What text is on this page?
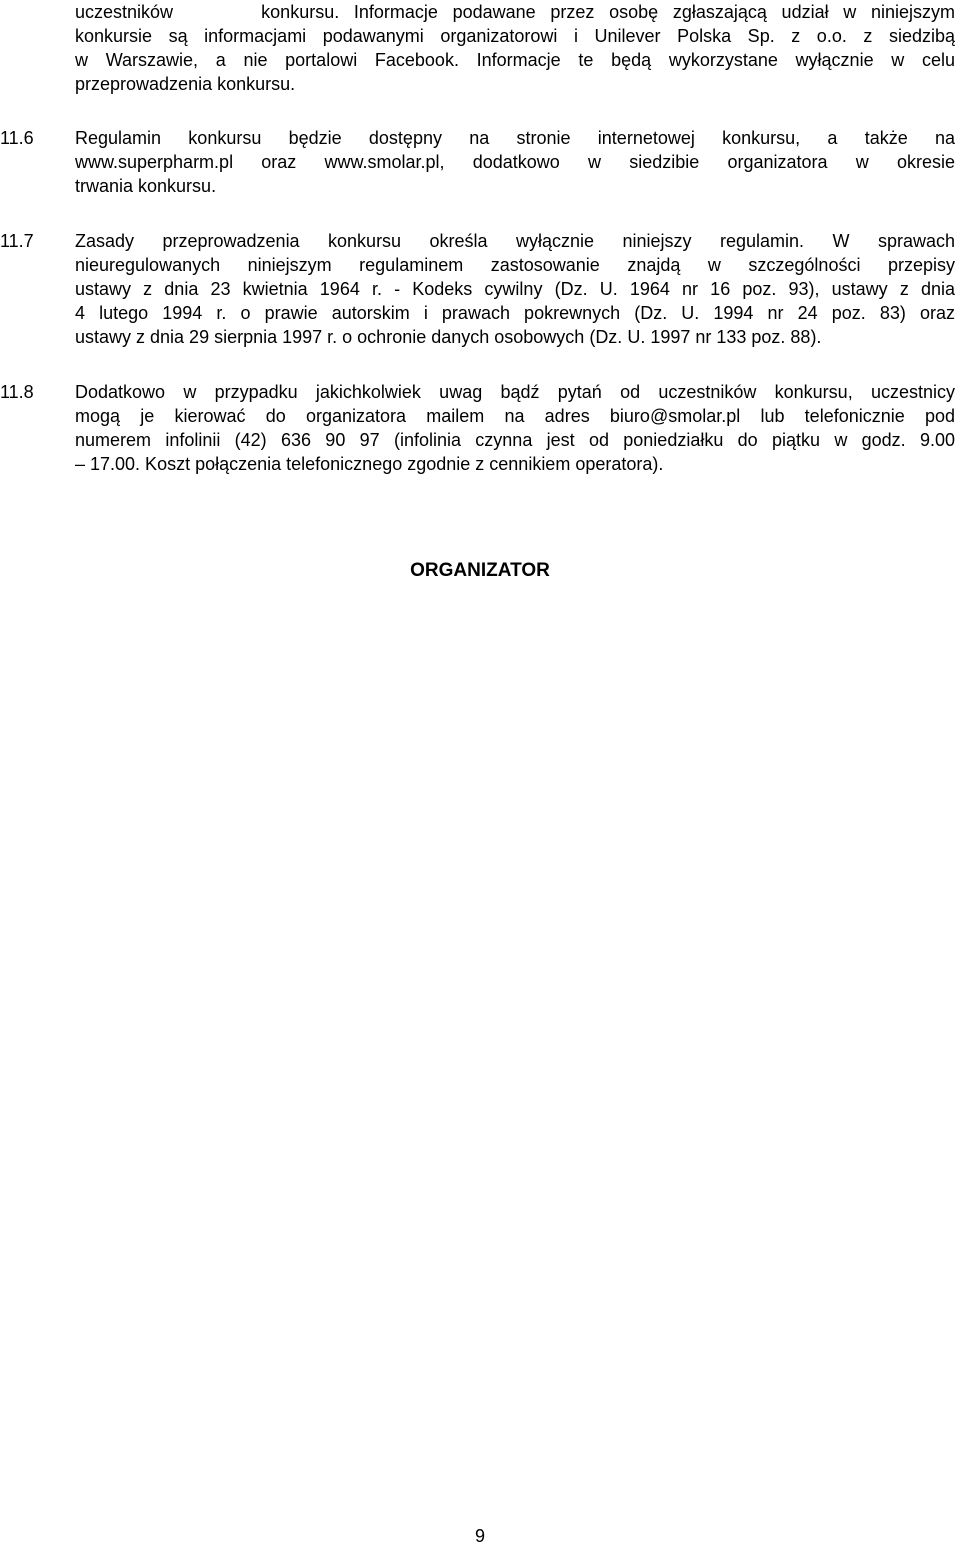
uczestników      konkursu. Informacje podawane przez osobę zgłaszającą udział w niniejszym
konkursie są informacjami podawanymi organizatorowi i Unilever Polska Sp. z o.o. z siedzibą
w Warszawie, a nie portalowi Facebook. Informacje te będą wykorzystane wyłącznie w celu
przeprowadzenia konkursu.
11.6	Regulamin konkursu będzie dostępny na stronie internetowej konkursu, a także na
www.superpharm.pl oraz www.smolar.pl, dodatkowo w siedzibie organizatora w okresie
trwania konkursu.
11.7	Zasady przeprowadzenia konkursu określa wyłącznie niniejszy regulamin. W sprawach
nieuregulowanych niniejszym regulaminem zastosowanie znajdą w szczególności przepisy
ustawy z dnia 23 kwietnia 1964 r. - Kodeks cywilny (Dz. U. 1964 nr 16 poz. 93), ustawy z dnia
4 lutego 1994 r. o prawie autorskim i prawach pokrewnych (Dz. U. 1994 nr 24 poz. 83) oraz
ustawy z dnia 29 sierpnia 1997 r. o ochronie danych osobowych (Dz. U. 1997 nr 133 poz. 88).
11.8	Dodatkowo w przypadku jakichkolwiek uwag bądź pytań od uczestników konkursu, uczestnicy
mogą je kierować do organizatora mailem na adres biuro@smolar.pl lub telefonicznie pod
numerem infolinii (42) 636 90 97 (infolinia czynna jest od poniedziałku do piątku w godz. 9.00
– 17.00. Koszt połączenia telefonicznego zgodnie z cennikiem operatora).
ORGANIZATOR
9
